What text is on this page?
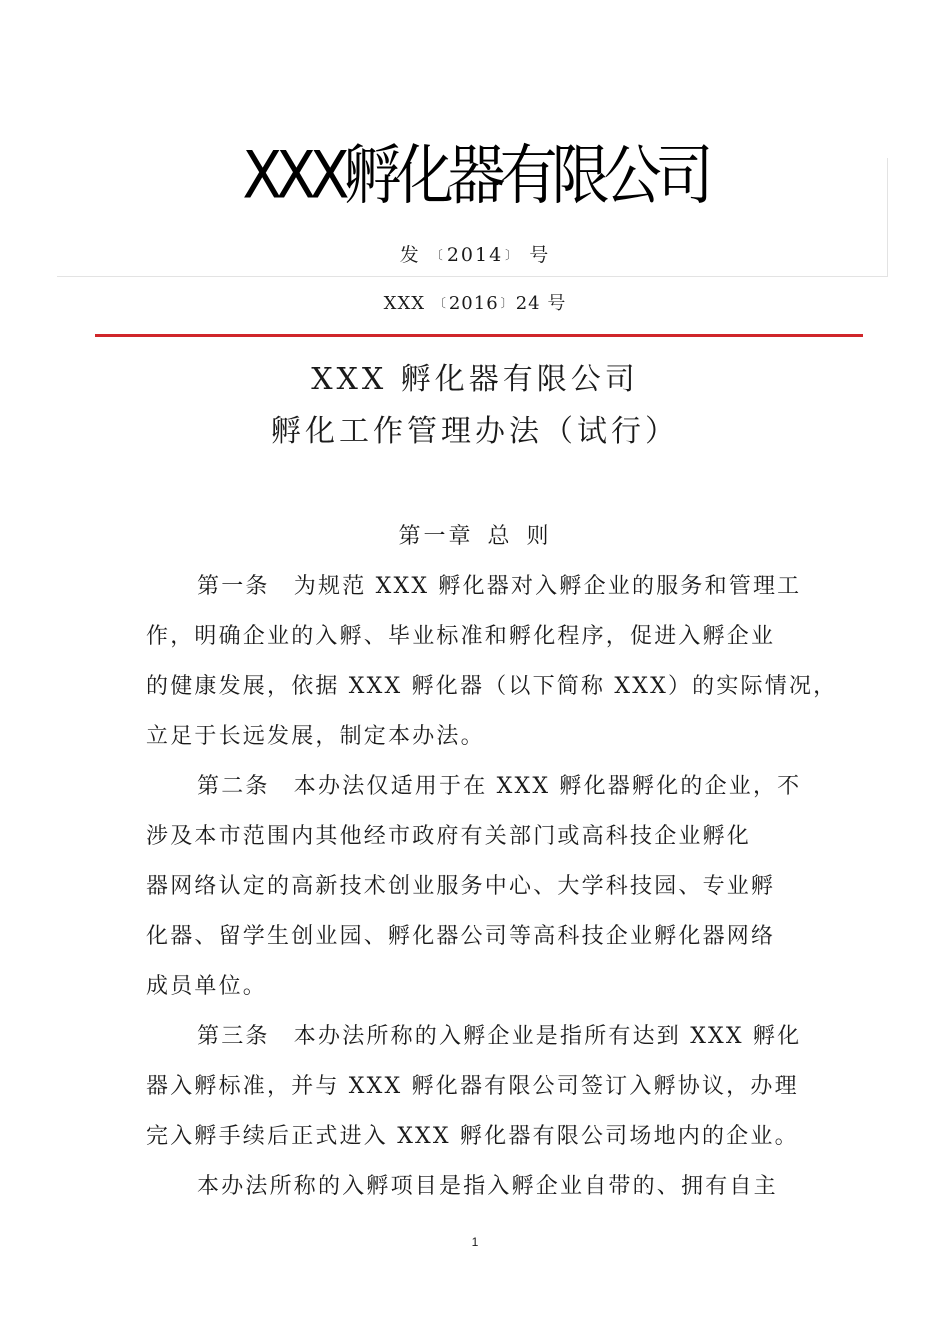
XXX孵化器有限公司
发 〔 2014 〕 号
XXX 〔 2016 〕 24 号
XXX 孵化器有限公司
孵化工作管理办法（试行）
第一章 总 则
第一条　为规范 XXX 孵化器对入孵企业的服务和管理工
作，明确企业的入孵、毕业标准和孵化程序，促进入孵企业
的健康发展，依据 XXX 孵化器（以下简称 XXX）的实际情况，
立足于长远发展，制定本办法。
第二条　本办法仅适用于在 XXX 孵化器孵化的企业，不
涉及本市范围内其他经市政府有关部门或高科技企业孵化
器网络认定的高新技术创业服务中心、大学科技园、专业孵
化器、留学生创业园、孵化器公司等高科技企业孵化器网络
成员单位。
第三条　本办法所称的入孵企业是指所有达到 XXX 孵化
器入孵标准，并与 XXX 孵化器有限公司签订入孵协议，办理
完入孵手续后正式进入 XXX 孵化器有限公司场地内的企业。
本办法所称的入孵项目是指入孵企业自带的、拥有自主
1
